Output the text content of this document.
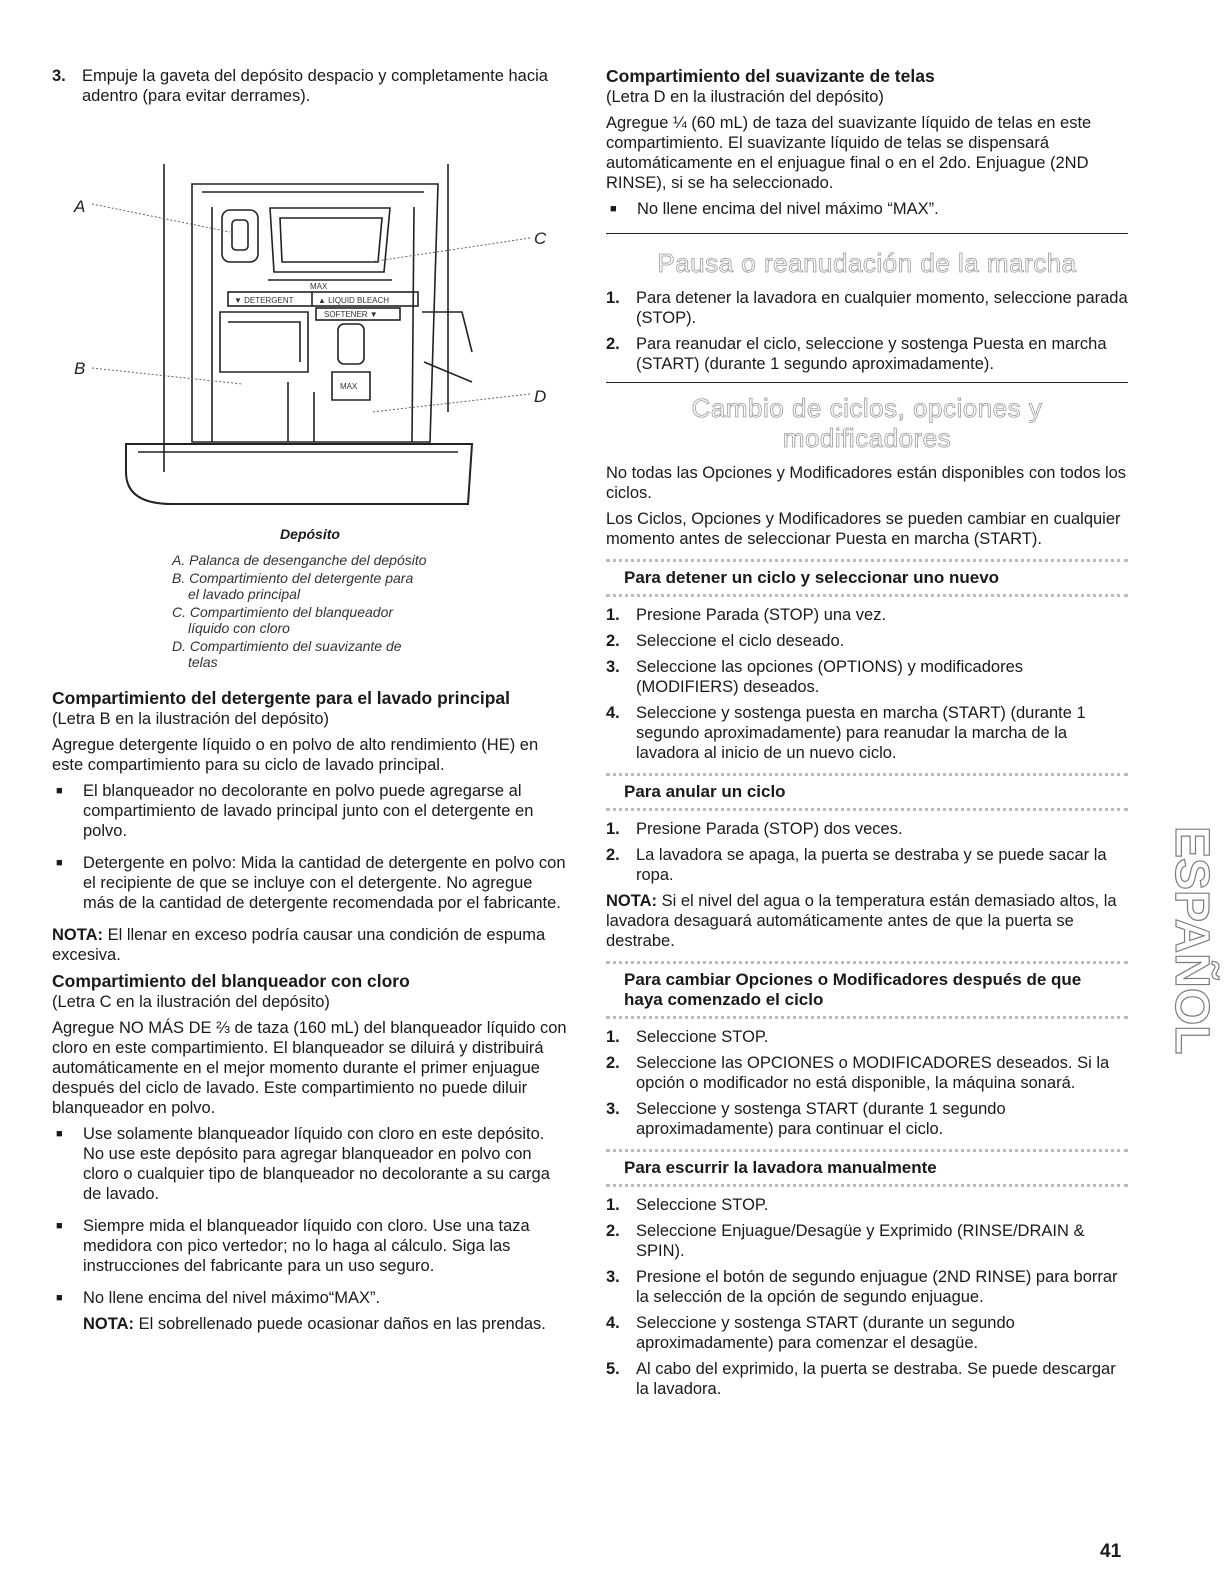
3. Empuje la gaveta del depósito despacio y completamente hacia adentro (para evitar derrames).
A
B
C
D
MAX
▼ DETERGENT	▲ LIQUID BLEACH
SOFTENER ▼
MAX
Depósito
A. Palanca de desenganche del depósito
B. Compartimiento del detergente para
el lavado principal
C. Compartimiento del blanqueador
líquido con cloro
D. Compartimiento del suavizante de
telas
Compartimiento del detergente para el lavado principal

(Letra B en la ilustración del depósito)

Agregue detergente líquido o en polvo de alto rendimiento (HE) en este compartimiento para su ciclo de lavado principal.

■	El blanqueador no decolorante en polvo puede agregarse al compartimiento de lavado principal junto con el detergente en polvo.
■	Detergente en polvo: Mida la cantidad de detergente en polvo con el recipiente de que se incluye con el detergente. No agregue más de la cantidad de detergente recomendada por el fabricante.

NOTA: El llenar en exceso podría causar una condición de espuma excesiva.

Compartimiento del blanqueador con cloro

(Letra C en la ilustración del depósito)

Agregue NO MÁS DE ⅔ de taza (160 mL) del blanqueador líquido con cloro en este compartimiento. El blanqueador se diluirá y distribuirá automáticamente en el mejor momento durante el primer enjuague después del ciclo de lavado. Este compartimiento no puede diluir blanqueador en polvo.

■	Use solamente blanqueador líquido con cloro en este depósito. No use este depósito para agregar blanqueador en polvo con cloro o cualquier tipo de blanqueador no decolorante a su carga de lavado.
■	Siempre mida el blanqueador líquido con cloro. Use una taza medidora con pico vertedor; no lo haga al cálculo. Siga las instrucciones del fabricante para un uso seguro.
■	No llene encima del nivel máximo“MAX”.

NOTA: El sobrellenado puede ocasionar daños en las prendas.

Compartimiento del suavizante de telas

(Letra D en la ilustración del depósito)

Agregue ¼ (60 mL) de taza del suavizante líquido de telas en este compartimiento. El suavizante líquido de telas se dispensará automáticamente en el enjuague final o en el 2do. Enjuague (2ND RINSE), si se ha seleccionado.

■	No llene encima del nivel máximo “MAX”.
Pausa o reanudación de la marcha
1. Para detener la lavadora en cualquier momento, seleccione parada (STOP).
2. Para reanudar el ciclo, seleccione y sostenga Puesta en marcha (START) (durante 1 segundo aproximadamente).
Cambio de ciclos, opciones y
modificadores

No todas las Opciones y Modificadores están disponibles con todos los ciclos.

Los Ciclos, Opciones y Modificadores se pueden cambiar en cualquier momento antes de seleccionar Puesta en marcha (START).

Para detener un ciclo y seleccionar uno nuevo
1. Presione Parada (STOP) una vez.
2. Seleccione el ciclo deseado.
3. Seleccione las opciones (OPTIONS) y modificadores (MODIFIERS) deseados.
4. Seleccione y sostenga puesta en marcha (START) (durante 1 segundo aproximadamente) para reanudar la marcha de la lavadora al inicio de un nuevo ciclo.
Para anular un ciclo
1. Presione Parada (STOP) dos veces.
2. La lavadora se apaga, la puerta se destraba y se puede sacar la ropa.

NOTA: Si el nivel del agua o la temperatura están demasiado altos, la lavadora desaguará automáticamente antes de que la puerta se destrabe.

Para cambiar Opciones o Modificadores después de que haya comenzado el ciclo
1. Seleccione STOP.
2. Seleccione las OPCIONES o MODIFICADORES deseados. Si la opción o modificador no está disponible, la máquina sonará.
3. Seleccione y sostenga START (durante 1 segundo aproximadamente) para continuar el ciclo.
Para escurrir la lavadora manualmente
1. Seleccione STOP.
2. Seleccione Enjuague/Desagüe y Exprimido (RINSE/DRAIN & SPIN).
3. Presione el botón de segundo enjuague (2ND RINSE) para borrar la selección de la opción de segundo enjuague.
4. Seleccione y sostenga START (durante un segundo aproximadamente) para comenzar el desagüe.
5. Al cabo del exprimido, la puerta se destraba. Se puede descargar la lavadora.
ESPAÑOL
41
